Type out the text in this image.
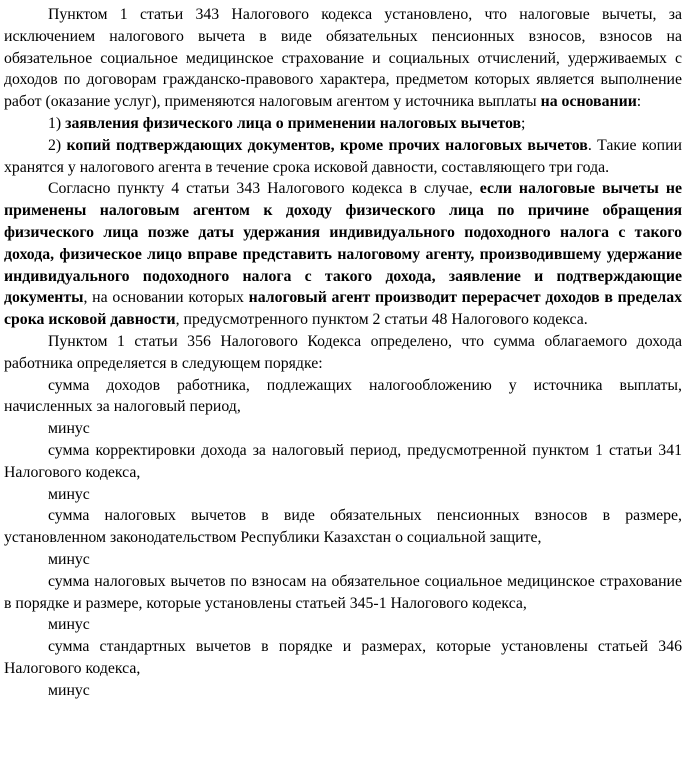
Пунктом 1 статьи 343 Налогового кодекса установлено, что налоговые вычеты, за исключением налогового вычета в виде обязательных пенсионных взносов, взносов на обязательное социальное медицинское страхование и социальных отчислений, удерживаемых с доходов по договорам гражданско-правового характера, предметом которых является выполнение работ (оказание услуг), применяются налоговым агентом у источника выплаты на основании:

1) заявления физического лица о применении налоговых вычетов;

2) копий подтверждающих документов, кроме прочих налоговых вычетов. Такие копии хранятся у налогового агента в течение срока исковой давности, составляющего три года.

Согласно пункту 4 статьи 343 Налогового кодекса в случае, если налоговые вычеты не применены налоговым агентом к доходу физического лица по причине обращения физического лица позже даты удержания индивидуального подоходного налога с такого дохода, физическое лицо вправе представить налоговому агенту, производившему удержание индивидуального подоходного налога с такого дохода, заявление и подтверждающие документы, на основании которых налоговый агент производит перерасчет доходов в пределах срока исковой давности, предусмотренного пунктом 2 статьи 48 Налогового кодекса.

Пунктом 1 статьи 356 Налогового Кодекса определено, что сумма облагаемого дохода работника определяется в следующем порядке:

сумма доходов работника, подлежащих налогообложению у источника выплаты, начисленных за налоговый период,

минус

сумма корректировки дохода за налоговый период, предусмотренной пунктом 1 статьи 341 Налогового кодекса,

минус

сумма налоговых вычетов в виде обязательных пенсионных взносов в размере, установленном законодательством Республики Казахстан о социальной защите,

минус

сумма налоговых вычетов по взносам на обязательное социальное медицинское страхование в порядке и размере, которые установлены статьей 345-1 Налогового кодекса,

минус

сумма стандартных вычетов в порядке и размерах, которые установлены статьей 346 Налогового кодекса,

минус
